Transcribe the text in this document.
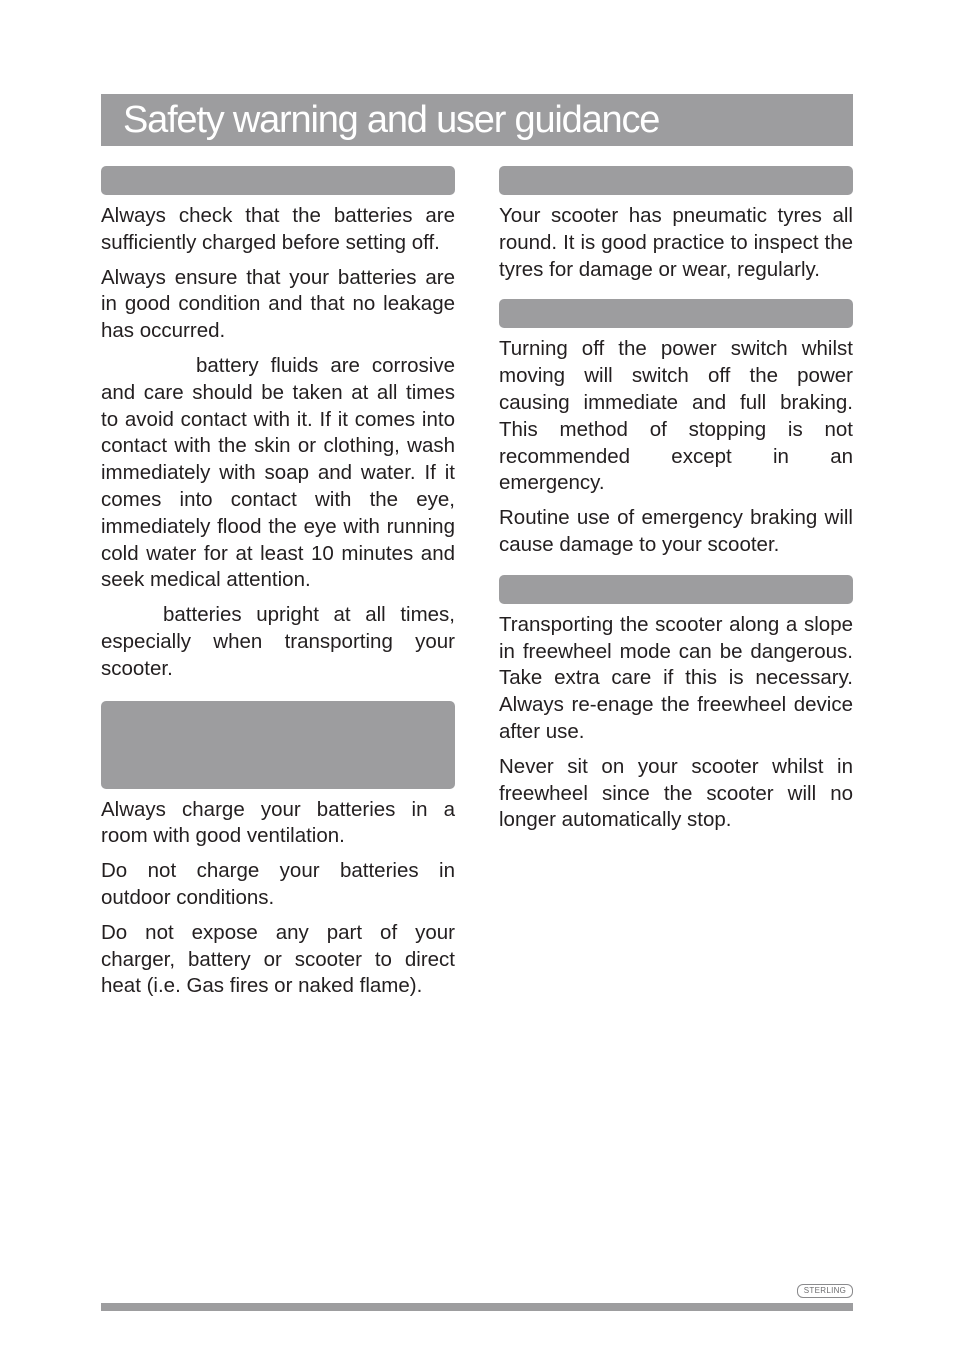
Safety warning and user guidance

Always check that the batteries are sufficiently charged before setting off.

Always ensure that your batteries are in good condition and that no leakage has occurred.

battery fluids are corrosive and care should be taken at all times to avoid contact with it. If it comes into contact with the skin or clothing, wash immediately with soap and water. If it comes into contact with the eye, immediately flood the eye with running cold water for at least 10 minutes and seek medical attention.

batteries upright at all times, especially when transporting your scooter.

Always charge your batteries in a room with good ventilation.

Do not charge your batteries in outdoor conditions.

Do not expose any part of your charger, battery or scooter to direct heat (i.e. Gas fires or naked flame).

Your scooter has pneumatic tyres all round. It is good practice to inspect the tyres for damage or wear, regularly.

Turning off the power switch whilst moving will switch off the power causing immediate and full braking. This method of stopping is not recommended except in an emergency.

Routine use of emergency braking will cause damage to your scooter.

Transporting the scooter along a slope in freewheel mode can be dangerous. Take extra care if this is necessary. Always re-enage the freewheel device after use.

Never sit on your scooter whilst in freewheel since the scooter will no longer automatically stop.

STERLING
